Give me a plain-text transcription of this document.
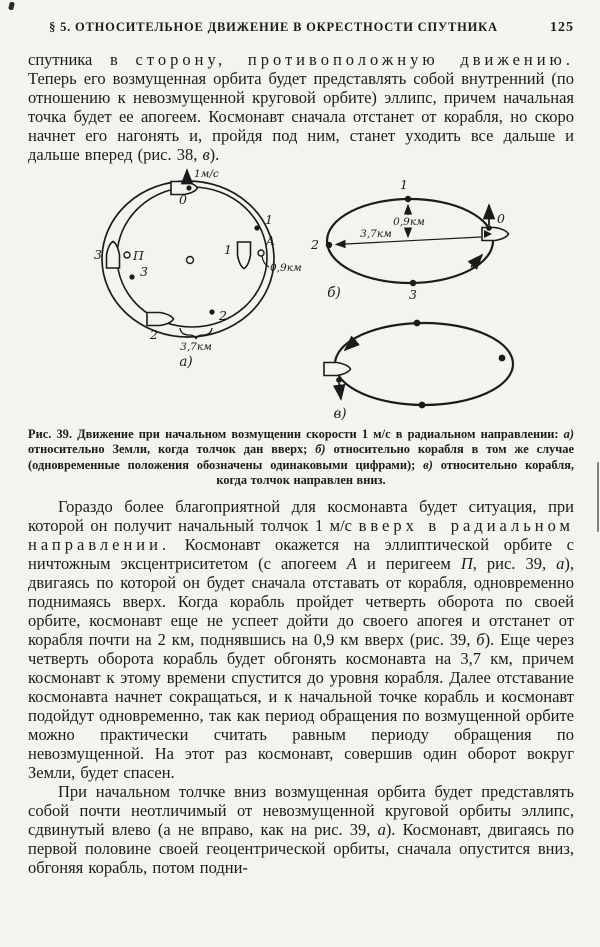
§ 5. ОТНОСИТЕЛЬНОЕ ДВИЖЕНИЕ В ОКРЕСТНОСТИ СПУТНИКА	125

спутника в сторону, противоположную движению. Теперь его возмущенная орбита будет представлять собой внутренний (по отношению к невозмущенной круговой орбите) эллипс, причем начальная точка будет ее апогеем. Космонавт сначала отстанет от корабля, но скоро начнет его нагонять и, пройдя под ним, станет уходить все дальше и дальше вперед (рис. 38, в).

1м/с
0
1
1
A
0,9км
3 П
3
2
2
3,7км
а)
1
2
3
0,9км
3,7км
0
б)
в)
Рис. 39. Движение при начальном возмущении скорости 1 м/с в радиальном направлении: а) относительно Земли, когда толчок дан вверх; б) относительно корабля в том же случае (одновременные положения обозначены одинаковыми цифрами); в) относительно корабля, когда толчок направлен вниз.

Гораздо более благоприятной для космонавта будет ситуация, при которой он получит начальный толчок 1 м/с вверх в радиальном направлении. Космонавт окажется на эллиптической орбите с ничтожным эксцентриситетом (с апогеем А и перигеем П, рис. 39, а), двигаясь по которой он будет сначала отставать от корабля, одновременно поднимаясь вверх. Когда корабль пройдет четверть оборота по своей орбите, космонавт еще не успеет дойти до своего апогея и отстанет от корабля почти на 2 км, поднявшись на 0,9 км вверх (рис. 39, б). Еще через четверть оборота корабль будет обгонять космонавта на 3,7 км, причем космонавт к этому времени спустится до уровня корабля. Далее отставание космонавта начнет сокращаться, и к начальной точке корабль и космонавт подойдут одновременно, так как период обращения по возмущенной орбите можно практически считать равным периоду обращения по невозмущенной. На этот раз космонавт, совершив один оборот вокруг Земли, будет спасен.

При начальном толчке вниз возмущенная орбита будет представлять собой почти неотличимый от невозмущенной круговой орбиты эллипс, сдвинутый влево (а не вправо, как на рис. 39, а). Космонавт, двигаясь по первой половине своей геоцентрической орбиты, сначала опустится вниз, обгоняя корабль, потом подни-
